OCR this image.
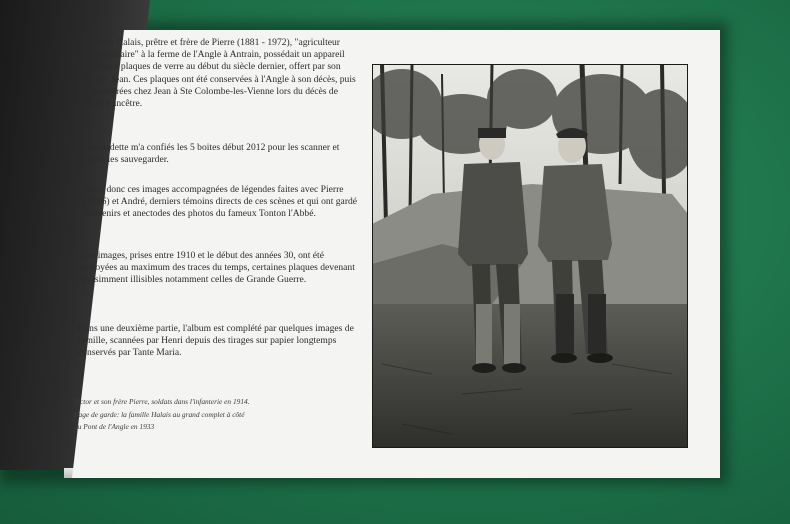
Victor Halais, prêtre et frère de Pierre (1881 - 1972), "agriculteur propriétaire" à la ferme de l'Angle à Antrain, possédait un appareil photo à plaques de verre au début du siècle dernier, offert par son père, Jean. Ces plaques ont été conservées à l'Angle à son décès, puis transférées chez Jean à Ste Colombe-les-Vienne lors du décès de notre ancêtre.

Bernadette m'a confiés les 5 boites début 2012 pour les scanner et ainsi les sauvegarder.

Voici donc ces images accompagnées de légendes faites avec Pierre (1916) et André, derniers témoins directs de ces scènes et qui ont gardé souvenirs et anectodes des photos du fameux Tonton l'Abbé.

Ces images, prises entre 1910 et le début des années 30, ont été nettoyées au maximum des traces du temps, certaines plaques devenant quasimment illisibles notamment celles de Grande Guerre.

Dans une deuxième partie, l'album est complété par quelques images de famille, scannées par Henri depuis des tirages sur papier longtemps conservés par Tante Maria.

Victor et son frère Pierre, soldats dans l'infanterie en 1914.
Page de garde: la famille Halais au grand complet à côté
du Pont de l'Angle en 1933
